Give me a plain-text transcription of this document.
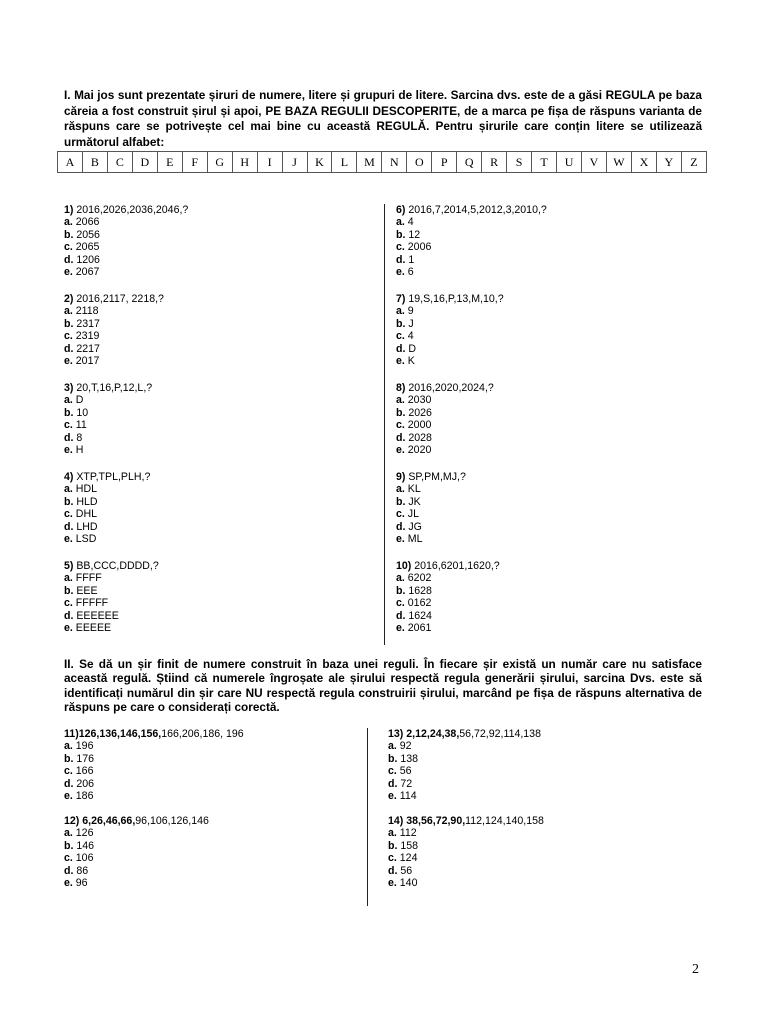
I. Mai jos sunt prezentate șiruri de numere, litere și grupuri de litere. Sarcina dvs. este de a găsi REGULA pe baza căreia a fost construit șirul și apoi, PE BAZA REGULII DESCOPERITE, de a marca pe fișa de răspuns varianta de răspuns care se potrivește cel mai bine cu această REGULĂ. Pentru șirurile care conțin litere se utilizează următorul alfabet:
A	B	C	D	E	F	G	H	I	J	K	L	M	N	O	P	Q	R	S	T	U	V	W	X	Y	Z
1) 2016,2026,2036,2046,?
a. 2066
b. 2056
c. 2065
d. 1206
e. 2067
2) 2016,2117, 2218,?
a. 2118
b. 2317
c. 2319
d. 2217
e. 2017
3) 20,T,16,P,12,L,?
a. D
b. 10
c. 11
d. 8
e. H
4) XTP,TPL,PLH,?
a. HDL
b. HLD
c. DHL
d. LHD
e. LSD
5) BB,CCC,DDDD,?
a. FFFF
b. EEE
c. FFFFF
d. EEEEEE
e. EEEEE
6) 2016,7,2014,5,2012,3,2010,?
a. 4
b. 12
c. 2006
d. 1
e. 6
7) 19,S,16,P,13,M,10,?
a. 9
b. J
c. 4
d. D
e. K
8) 2016,2020,2024,?
a. 2030
b. 2026
c. 2000
d. 2028
e. 2020
9) SP,PM,MJ,?
a. KL
b. JK
c. JL
d. JG
e. ML
10) 2016,6201,1620,?
a. 6202
b. 1628
c. 0162
d. 1624
e. 2061
II. Se dă un șir finit de numere construit în baza unei reguli. În fiecare șir există un număr care nu satisface această regulă. Știind că numerele îngroșate ale șirului respectă regula generării șirului, sarcina Dvs. este să identificați numărul din șir care NU respectă regula construirii șirului, marcând pe fișa de răspuns alternativa de răspuns pe care o considerați corectă.
11)126,136,146,156,166,206,186, 196
a. 196
b. 176
c. 166
d. 206
e. 186
12) 6,26,46,66,96,106,126,146
a. 126
b. 146
c. 106
d. 86
e. 96
13) 2,12,24,38,56,72,92,114,138
a. 92
b. 138
c. 56
d. 72
e. 114
14) 38,56,72,90,112,124,140,158
a. 112
b. 158
c. 124
d. 56
e. 140
2
